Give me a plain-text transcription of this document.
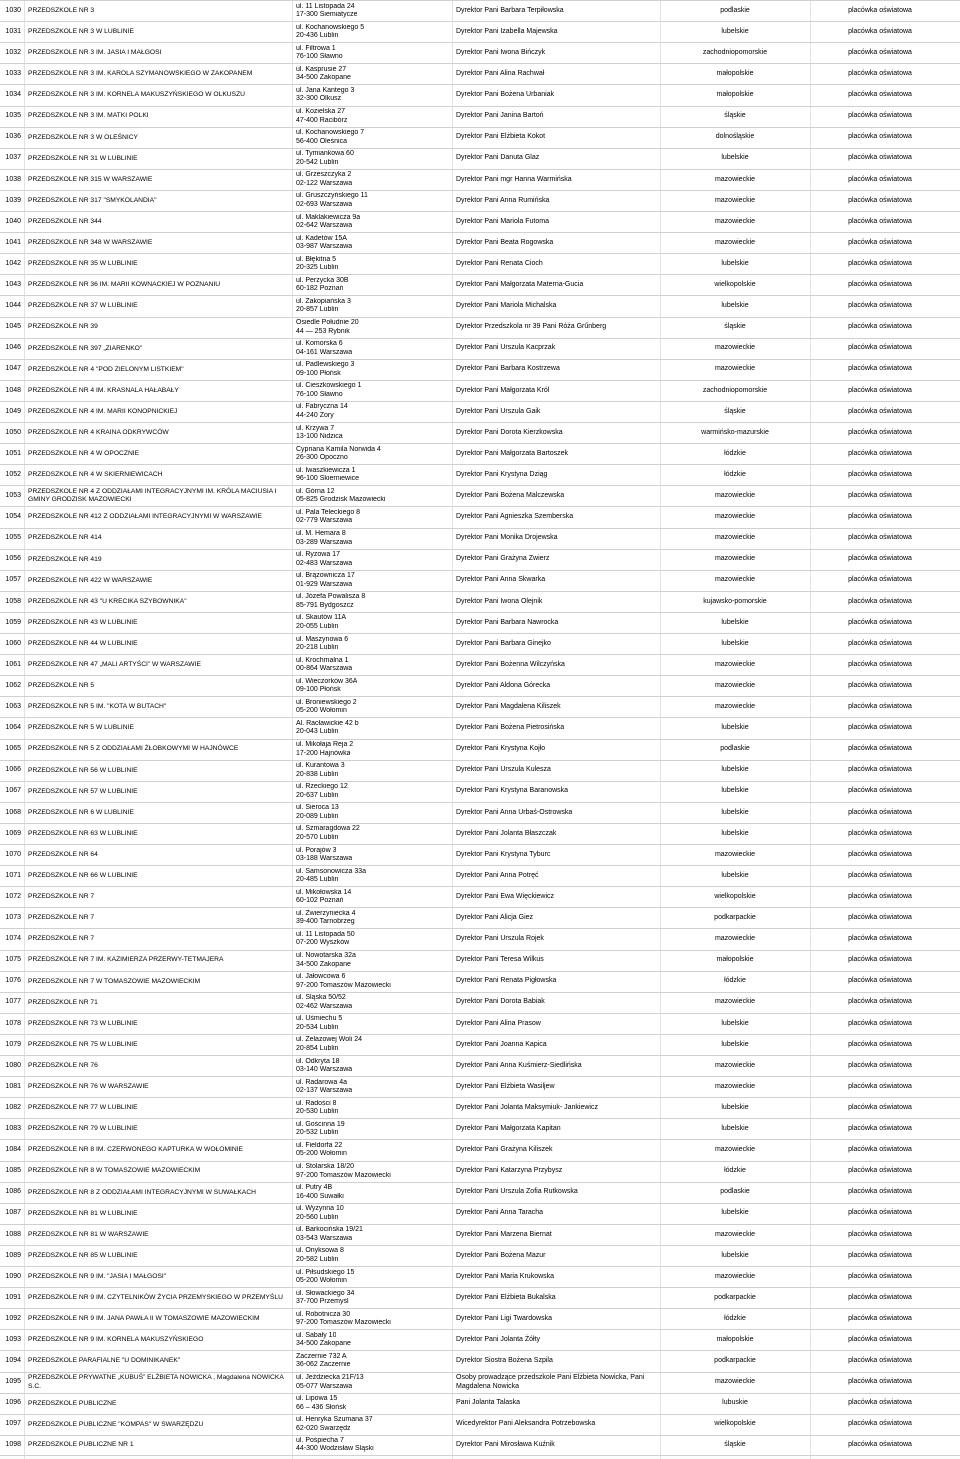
1030 PRZEDSZKOLE NR 3
ul. 11 Listopada 24
17-300 Siemiatycze
Dyrektor Pani Barbara Terpiłowska	podlaskie	placówka oświatowa
1031 PRZEDSZKOLE NR 3 W LUBLINIE
ul. Kochanowskiego 5
20-436 Lublin
Dyrektor Pani Izabella Majewska	lubelskie	placówka oświatowa
1032 PRZEDSZKOLE NR 3 IM. JASIA I MAŁGOSI
ul. Filtrowa 1
76-100 Sławno
Dyrektor Pani Iwona Bińczyk	zachodniopomorskie	placówka oświatowa
1033 PRZEDSZKOLE NR 3 IM. KAROLA SZYMANOWSKIEGO W ZAKOPANEM
ul. Kasprusie 27
34-500 Zakopane
Dyrektor Pani Alina Rachwał	małopolskie	placówka oświatowa
1034 PRZEDSZKOLE NR 3 IM. KORNELA MAKUSZYŃSKIEGO W OLKUSZU
ul. Jana Kantego 3
32-300 Olkusz
Dyrektor Pani Bożena Urbaniak	małopolskie	placówka oświatowa
1035 PRZEDSZKOLE NR 3 IM. MATKI POLKI
ul. Kozielska 27
47-400 Racibórz
Dyrektor Pani Janina Bartoń	śląskie	placówka oświatowa
1036 PRZEDSZKOLE NR 3 W OLEŚNICY
ul. Kochanowskiego 7
56-400 Oleśnica
Dyrektor Pani Elżbieta Kokot	dolnośląskie	placówka oświatowa
1037 PRZEDSZKOLE NR 31 W LUBLINIE
ul. Tymiankowa 60
20-542 Lublin
Dyrektor Pani Danuta Glaz	lubelskie	placówka oświatowa
1038 PRZEDSZKOLE NR 315 W WARSZAWIE
ul. Grzeszczyka 2
02-122 Warszawa
Dyrektor Pani mgr Hanna Warmińska	mazowieckie	placówka oświatowa
1039 PRZEDSZKOLE NR 317 "SMYKOLANDIA"
ul. Gruszczyńskiego 11
02-693 Warszawa
Dyrektor Pani Anna Rumińska	mazowieckie	placówka oświatowa
1040 PRZEDSZKOLE NR 344
ul. Maklakiewicza 9a
02-642 Warszawa
Dyrektor Pani Mariola Futoma	mazowieckie	placówka oświatowa
1041 PRZEDSZKOLE NR 348 W WARSZAWIE
ul. Kadetów 15A
03-987 Warszawa
Dyrektor Pani Beata Rogowska	mazowieckie	placówka oświatowa
1042 PRZEDSZKOLE NR 35 W LUBLINIE
ul. Błękitna 5
20-325 Lublin
Dyrektor Pani Renata Cioch	lubelskie	placówka oświatowa
1043 PRZEDSZKOLE NR 36 IM. MARII KOWNACKIEJ W POZNANIU
ul. Perzycka 30B
60-182 Poznań
Dyrektor Pani Małgorzata Materna-Gucia	wielkopolskie	placówka oświatowa
1044 PRZEDSZKOLE NR 37 W LUBLINIE
ul. Zakopiańska 3
20-857 Lublin
Dyrektor Pani Mariola Michalska	lubelskie	placówka oświatowa
1045 PRZEDSZKOLE NR 39
Osiedle Południe 20
44 — 253 Rybnik
Dyrektor Przedszkola nr 39 Pani Róża Grűnberg	śląskie	placówka oświatowa
1046 PRZEDSZKOLE NR 397 „ZIARENKO”
ul. Komorska 6
04-161 Warszawa
Dyrektor Pani Urszula Kacprzak	mazowieckie	placówka oświatowa
1047 PRZEDSZKOLE NR 4 "POD ZIELONYM LISTKIEM"
ul. Padlewskiego 3
09-100 Płońsk
Dyrektor Pani Barbara Kostrzewa	mazowieckie	placówka oświatowa
1048 PRZEDSZKOLE NR 4 IM. KRASNALA HAŁABAŁY
ul. Cieszkowskiego 1
76-100 Sławno
Dyrektor Pani Małgorzata Król	zachodniopomorskie	placówka oświatowa
1049 PRZEDSZKOLE NR 4 IM. MARII KONOPNICKIEJ
ul. Fabryczna 14
44-240 Żory
Dyrektor Pani Urszula Gaik	śląskie	placówka oświatowa
1050 PRZEDSZKOLE NR 4 KRAINA ODKRYWCÓW
ul. Krzywa 7
13-100 Nidzica
Dyrektor Pani Dorota Kierzkowska	warmińsko-mazurskie	placówka oświatowa
1051 PRZEDSZKOLE NR 4 W OPOCZNIE
Cypriana Kamila Norwida 4
26-300 Opoczno
Dyrektor Pani Małgorzata Bartoszek	łódzkie	placówka oświatowa
1052 PRZEDSZKOLE NR 4 W SKIERNIEWICACH
ul. Iwaszkiewicza 1
96-100 Skierniewice
Dyrektor Pani Krystyna Dziąg	łódzkie	placówka oświatowa
1053
PRZEDSZKOLE NR 4 Z ODDZIAŁAMI INTEGRACYJNYMI IM. KRÓLA MACIUSIA I GMINY GRODZISK MAZOWIECKI
ul. Górna 12
05-825 Grodzisk Mazowiecki
Dyrektor Pani Bożena Malczewska	mazowieckie	placówka oświatowa
1054 PRZEDSZKOLE NR 412 Z ODDZIAŁAMI INTEGRACYJNYMI W WARSZAWIE
ul. Pala Teleckiego 8
02-779 Warszawa
Dyrektor Pani Agnieszka Szemberska	mazowieckie	placówka oświatowa
1055 PRZEDSZKOLE NR 414
ul. M. Hemara 8
03-289 Warszawa
Dyrektor Pani Monika Drojewska	mazowieckie	placówka oświatowa
1056 PRZEDSZKOLE NR 419
ul. Ryżowa 17
02-483 Warszawa
Dyrektor Pani Grażyna Zwierz	mazowieckie	placówka oświatowa
1057 PRZEDSZKOLE NR 422 W WARSZAWIE
ul. Brązownicza 17
01-929 Warszawa
Dyrektor Pani Anna Skwarka	mazowieckie	placówka oświatowa
1058 PRZEDSZKOLE NR 43 "U KRECIKA SZYBOWNIKA"
ul. Józefa Powalisza 8
85-791 Bydgoszcz
Dyrektor Pani Iwona Olejnik	kujawsko-pomorskie	placówka oświatowa
1059 PRZEDSZKOLE NR 43 W LUBLINIE
ul. Skautów 11A
20-055 Lublin
Dyrektor Pani Barbara Nawrocka	lubelskie	placówka oświatowa
1060 PRZEDSZKOLE NR 44 W LUBLINIE
ul. Maszynowa 6
20-218 Lublin
Dyrektor Pani Barbara Ginejko	lubelskie	placówka oświatowa
1061 PRZEDSZKOLE NR 47 „MALI ARTYŚCI” W WARSZAWIE
ul. Krochmalna 1
00-864 Warszawa
Dyrektor Pani Bożenna Wilczyńska	mazowieckie	placówka oświatowa
1062 PRZEDSZKOLE NR 5
ul. Wieczorków 36A
09-100 Płońsk
Dyrektor Pani Aldona Górecka	mazowieckie	placówka oświatowa
1063 PRZEDSZKOLE NR 5 IM. "KOTA W BUTACH"
ul. Broniewskiego 2
05-200 Wołomin
Dyrektor Pani Magdalena Kiliszek	mazowieckie	placówka oświatowa
1064 PRZEDSZKOLE NR 5 W LUBLINIE
Al. Racławickie 42 b
20-043 Lublin
Dyrektor Pani Bożena Pietrosińska	lubelskie	placówka oświatowa
1065 PRZEDSZKOLE NR 5 Z ODDZIAŁAMI ŻŁOBKOWYMI W HAJNÓWCE
ul. Mikołaja Reja 2
17-200 Hajnówka
Dyrektor Pani Krystyna Kojło	podlaskie	placówka oświatowa
1066 PRZEDSZKOLE NR 56 W LUBLINIE
ul. Kurantowa 3
20-838 Lublin
Dyrektor Pani Urszula Kulesza	lubelskie	placówka oświatowa
1067 PRZEDSZKOLE NR 57 W LUBLINIE
ul. Rzeckiego 12
20-637 Lublin
Dyrektor Pani Krystyna Baranowska	lubelskie	placówka oświatowa
1068 PRZEDSZKOLE NR 6 W LUBLINIE
ul. Sieroca 13
20-089 Lublin
Dyrektor Pani Anna Urbaś-Ostrowska	lubelskie	placówka oświatowa
1069 PRZEDSZKOLE NR 63 W LUBLINIE
ul. Szmaragdowa 22
20-570 Lublin
Dyrektor Pani Jolanta Błaszczak	lubelskie	placówka oświatowa
1070 PRZEDSZKOLE NR 64
ul. Porajów 3
03-188 Warszawa
Dyrektor Pani Krystyna Tyburc	mazowieckie	placówka oświatowa
1071 PRZEDSZKOLE NR 66 W LUBLINIE
ul. Samsonowicza 33a
20-485 Lublin
Dyrektor Pani Anna Potręć	lubelskie	placówka oświatowa
1072 PRZEDSZKOLE NR 7
ul. Mikołowska 14
60-102 Poznań
Dyrektor Pani Ewa Więckiewicz	wielkopolskie	placówka oświatowa
1073 PRZEDSZKOLE NR 7
ul. Zwierzyniecka 4
39-400 Tarnobrzeg
Dyrektor Pani Alicja Giez	podkarpackie	placówka oświatowa
1074 PRZEDSZKOLE NR 7
ul. 11 Listopada 50
07-200 Wyszków
Dyrektor Pani Urszula Rojek	mazowieckie	placówka oświatowa
1075 PRZEDSZKOLE NR 7 IM. KAZIMIERZA PRZERWY-TETMAJERA
ul. Nowotarska 32a
34-500 Zakopane
Dyrektor Pani Teresa Wilkus	małopolskie	placówka oświatowa
1076 PRZEDSZKOLE NR 7 W TOMASZOWIE MAZOWIECKIM
ul. Jałowcowa 6
97-200 Tomaszów Mazowiecki
Dyrektor Pani Renata Pigłowska	łódzkie	placówka oświatowa
1077 PRZEDSZKOLE NR 71
ul. Śląska 50/52
02-462 Warszawa
Dyrektor Pani Dorota Babiak	mazowieckie	placówka oświatowa
1078 PRZEDSZKOLE NR 73 W LUBLINIE
ul. Uśmiechu 5
20-534 Lublin
Dyrektor Pani Alina Prasow	lubelskie	placówka oświatowa
1079 PRZEDSZKOLE NR 75 W LUBLINIE
ul. Żelazowej Woli 24
20-854 Lublin
Dyrektor Pani Joanna Kapica	lubelskie	placówka oświatowa
1080 PRZEDSZKOLE NR 76
ul. Odkryta 18
03-140 Warszawa
Dyrektor Pani Anna Kuśmierz-Siedlińska	mazowieckie	placówka oświatowa
1081 PRZEDSZKOLE NR 76 W WARSZAWIE
ul. Radarowa 4a
02-137 Warszawa
Dyrektor Pani Elżbieta Wasiljew	mazowieckie	placówka oświatowa
1082 PRZEDSZKOLE NR 77 W LUBLINIE
ul. Radości 8
20-530 Lublin
Dyrektor Pani Jolanta Maksymiuk- Jankiewicz	lubelskie	placówka oświatowa
1083 PRZEDSZKOLE NR 79 W LUBLINIE
ul. Gościnna 19
20-532 Lublin
Dyrektor Pani Małgorzata Kapitan	lubelskie	placówka oświatowa
1084 PRZEDSZKOLE NR 8 IM. CZERWONEGO KAPTURKA W WOŁOMINIE
ul. Fieldorfa 22
05-200 Wołomin
Dyrektor Pani Grażyna Kiliszek	mazowieckie	placówka oświatowa
1085 PRZEDSZKOLE NR 8 W TOMASZOWIE MAZOWIECKIM
ul. Stolarska 18/20
97-200 Tomaszów Mazowiecki
Dyrektor Pani Katarzyna Przybysz	łódzkie	placówka oświatowa
1086 PRZEDSZKOLE NR 8 Z ODDZIAŁAMI INTEGRACYJNYMI W SUWAŁKACH
ul. Putry 4B
16-400 Suwałki
Dyrektor Pani Urszula Zofia Rutkowska	podlaskie	placówka oświatowa
1087 PRZEDSZKOLE NR 81 W LUBLINIE
ul. Wyżynna 10
20-560 Lublin
Dyrektor Pani Anna Taracha	lubelskie	placówka oświatowa
1088 PRZEDSZKOLE NR 81 W WARSZAWIE
ul. Barkocińska 19/21
03-543 Warszawa
Dyrektor Pani Marzena Biernat	mazowieckie	placówka oświatowa
1089 PRZEDSZKOLE NR 85 W LUBLINIE
ul. Onyksowa 8
20-582 Lublin
Dyrektor Pani Bożena Mazur	lubelskie	placówka oświatowa
1090 PRZEDSZKOLE NR 9 IM. "JASIA I MAŁGOSI"
ul. Piłsudskiego 15
05-200 Wołomin
Dyrektor Pani Maria Krukowska	mazowieckie	placówka oświatowa
1091 PRZEDSZKOLE NR 9 IM. CZYTELNIKÓW ŻYCIA PRZEMYSKIEGO W PRZEMYŚLU
ul. Słowackiego 34
37-700 Przemyśl
Dyrektor Pani Elżbieta Bukalska	podkarpackie	placówka oświatowa
1092 PRZEDSZKOLE NR 9 IM. JANA PAWŁA II W TOMASZOWIE MAZOWIECKIM
ul. Robotnicza 30
97-200 Tomaszów Mazowiecki
Dyrektor Pani Ligi Twardowska	łódzkie	placówka oświatowa
1093 PRZEDSZKOLE NR 9 IM. KORNELA MAKUSZYŃSKIEGO
ul. Sabały 10
34-500 Zakopane
Dyrektor Pani Jolanta Żółty	małopolskie	placówka oświatowa
1094 PRZEDSZKOLE PARAFIALNE "U DOMINIKANEK"
Zaczernie 732 A
36-062 Zaczernie
Dyrektor Siostra Bożena Szpila	podkarpackie	placówka oświatowa
1095
PRZEDSZKOLE PRYWATNE „KUBUŚ” ELŻBIETA NOWICKA , Magdalena NOWICKA S.C.
ul. Jeździecka 21F/13
05-077 Warszawa
Osoby prowadzące przedszkole Pani Elżbieta Nowicka, Pani Magdalena Nowicka
mazowieckie	placówka oświatowa
1096 PRZEDSZKOLE PUBLICZNE
ul. Lipowa 15
66 – 436 Słońsk
Pani Jolanta Talaska	lubuskie	placówka oświatowa
1097 PRZEDSZKOLE PUBLICZNE "KOMPAS" W SWARZĘDZU
ul. Henryka Szumana 37
62-020 Swarzędz
Wicedyrektor Pani Aleksandra Potrzebowska	wielkopolskie	placówka oświatowa
1098 PRZEDSZKOLE PUBLICZNE NR 1
ul. Pośpiecha 7
44-300 Wodzisław Śląski
Dyrektor Pani Mirosława Kuźnik	śląskie	placówka oświatowa
